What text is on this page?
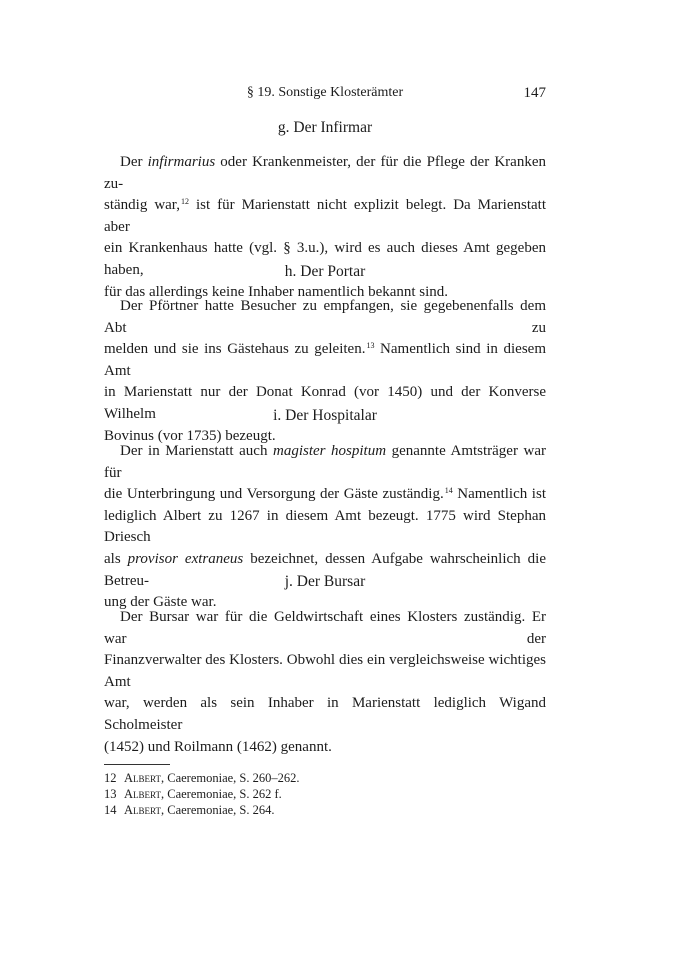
§ 19. Sonstige Klosterämter	147
g. Der Infirmar
Der infirmarius oder Krankenmeister, der für die Pflege der Kranken zu-
ständig war,$^{12}$ ist für Marienstatt nicht explizit belegt. Da Marienstatt aber
ein Krankenhaus hatte (vgl. § 3.u.), wird es auch dieses Amt gegeben haben,
für das allerdings keine Inhaber namentlich bekannt sind.
h. Der Portar
Der Pförtner hatte Besucher zu empfangen, sie gegebenenfalls dem Abt zu
melden und sie ins Gästehaus zu geleiten.$^{13}$ Namentlich sind in diesem Amt
in Marienstatt nur der Donat Konrad (vor 1450) und der Konverse Wilhelm
Bovinus (vor 1735) bezeugt.
i. Der Hospitalar
Der in Marienstatt auch magister hospitum genannte Amtsträger war für
die Unterbringung und Versorgung der Gäste zuständig.$^{14}$ Namentlich ist
lediglich Albert zu 1267 in diesem Amt bezeugt. 1775 wird Stephan Driesch
als provisor extraneus bezeichnet, dessen Aufgabe wahrscheinlich die Betreu-
ung der Gäste war.
j. Der Bursar
Der Bursar war für die Geldwirtschaft eines Klosters zuständig. Er war der
Finanzverwalter des Klosters. Obwohl dies ein vergleichsweise wichtiges Amt
war, werden als sein Inhaber in Marienstatt lediglich Wigand Scholmeister
(1452) und Roilmann (1462) genannt.
12 Albert, Caeremoniae, S. 260–262.
13 Albert, Caeremoniae, S. 262 f.
14 Albert, Caeremoniae, S. 264.
